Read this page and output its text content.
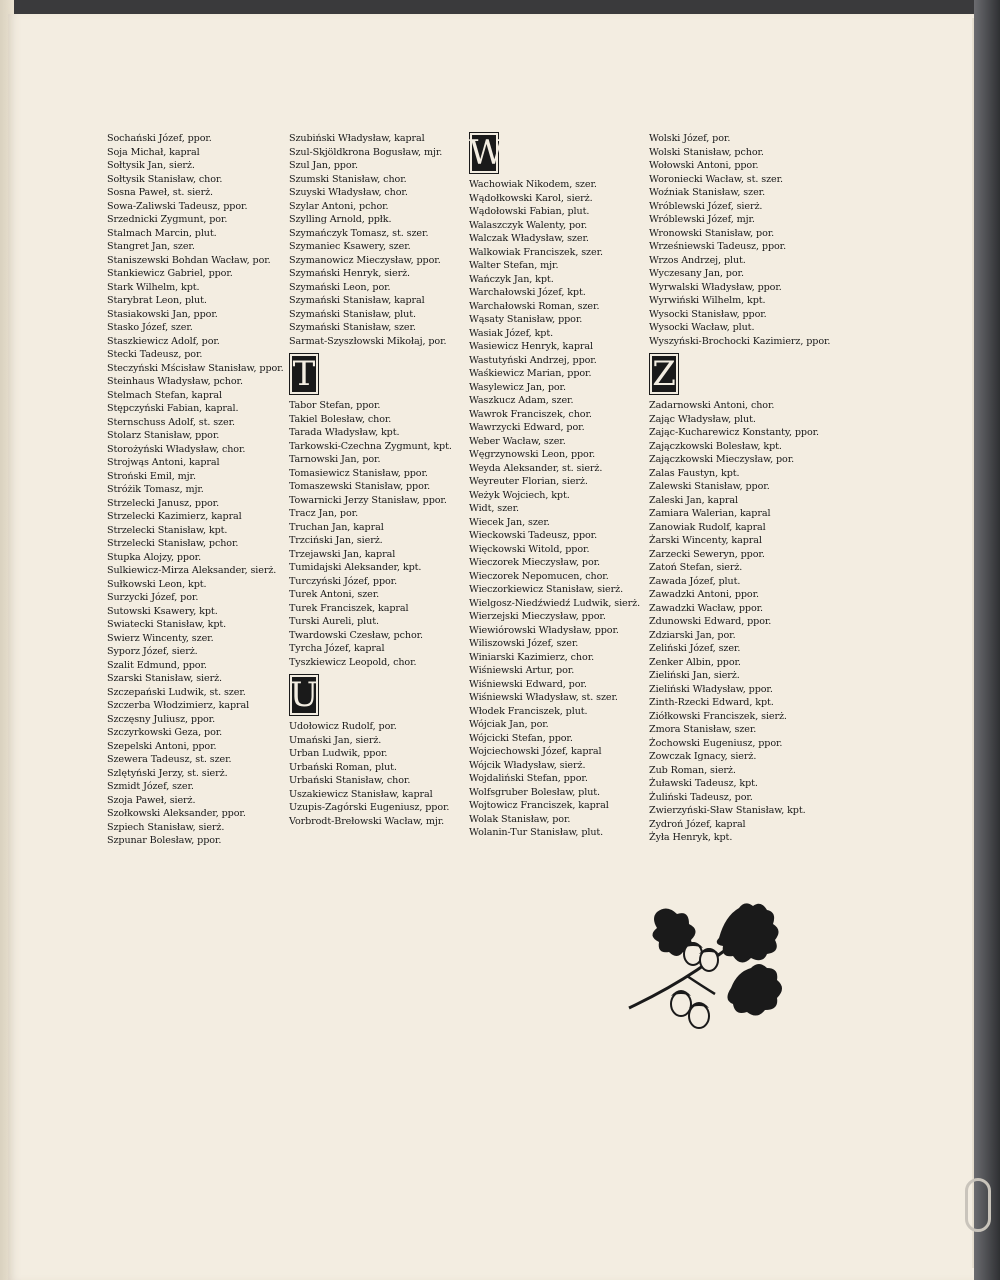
Sochański Józef, ppor.
Soja Michał, kapral
Sołtysik Jan, sierż.
Sołtysik Stanisław, chor.
Sosna Paweł, st. sierż.
Sowa-Zaliwski Tadeusz, ppor.
Srzednicki Zygmunt, por.
Stalmach Marcin, plut.
Stangret Jan, szer.
Staniszewski Bohdan Wacław, por.
Stankiewicz Gabriel, ppor.
Stark Wilhelm, kpt.
Starybrat Leon, plut.
Stasiakowski Jan, ppor.
Stasko Józef, szer.
Staszkiewicz Adolf, por.
Stecki Tadeusz, por.
Steczyński Mścisław Stanisław, ppor.
Steinhaus Władysław, pchor.
Stelmach Stefan, kapral
Stępczyński Fabian, kapral.
Sternschuss Adolf, st. szer.
Stolarz Stanisław, ppor.
Storożyński Władysław, chor.
Strojwąs Antoni, kapral
Stroński Emil, mjr.
Stróżik Tomasz, mjr.
Strzelecki Janusz, ppor.
Strzelecki Kazimierz, kapral
Strzelecki Stanisław, kpt.
Strzelecki Stanisław, pchor.
Stupka Alojzy, ppor.
Sulkiewicz-Mirza Aleksander, sierż.
Sułkowski Leon, kpt.
Surzycki Józef, por.
Sutowski Ksawery, kpt.
Swiatecki Stanisław, kpt.
Swierz Wincenty, szer.
Syporz Józef, sierż.
Szalit Edmund, ppor.
Szarski Stanisław, sierż.
Szczepański Ludwik, st. szer.
Szczerba Włodzimierz, kapral
Szczęsny Juliusz, ppor.
Szczyrkowski Geza, por.
Szepelski Antoni, ppor.
Szewera Tadeusz, st. szer.
Szlętyński Jerzy, st. sierż.
Szmidt Józef, szer.
Szoja Paweł, sierż.
Szołkowski Aleksander, ppor.
Szpiech Stanisław, sierż.
Szpunar Bolesław, ppor.
Szubiński Władysław, kapral
Szul-Skjöldkrona Bogusław, mjr.
Szul Jan, ppor.
Szumski Stanisław, chor.
Szuyski Władysław, chor.
Szylar Antoni, pchor.
Szylling Arnold, ppłk.
Szymańczyk Tomasz, st. szer.
Szymaniec Ksawery, szer.
Szymanowicz Mieczysław, ppor.
Szymański Henryk, sierż.
Szymański Leon, por.
Szymański Stanisław, kapral
Szymański Stanisław, plut.
Szymański Stanisław, szer.
Sarmat-Szyszłowski Mikołaj, por.
T
Tabor Stefan, ppor.
Takiel Bolesław, chor.
Tarada Władysław, kpt.
Tarkowski-Czechna Zygmunt, kpt.
Tarnowski Jan, por.
Tomasiewicz Stanisław, ppor.
Tomaszewski Stanisław, ppor.
Towarnicki Jerzy Stanisław, ppor.
Tracz Jan, por.
Truchan Jan, kapral
Trzciński Jan, sierż.
Trzejawski Jan, kapral
Tumidajski Aleksander, kpt.
Turczyński Józef, ppor.
Turek Antoni, szer.
Turek Franciszek, kapral
Turski Aureli, plut.
Twardowski Czesław, pchor.
Tyrcha Józef, kapral
Tyszkiewicz Leopold, chor.
U
Udołowicz Rudolf, por.
Umański Jan, sierż.
Urban Ludwik, ppor.
Urbański Roman, plut.
Urbański Stanisław, chor.
Uszakiewicz Stanisław, kapral
Uzupis-Zagórski Eugeniusz, ppor.
Vorbrodt-Brełowski Wacław, mjr.
W
Wachowiak Nikodem, szer.
Wądołkowski Karol, sierż.
Wądołowski Fabian, plut.
Walaszczyk Walenty, por.
Walczak Władysław, szer.
Walkowiak Franciszek, szer.
Walter Stefan, mjr.
Wańczyk Jan, kpt.
Warchałowski Józef, kpt.
Warchałowski Roman, szer.
Wąsaty Stanisław, ppor.
Wasiak Józef, kpt.
Wasiewicz Henryk, kapral
Wastutyński Andrzej, ppor.
Waśkiewicz Marian, ppor.
Wasylewicz Jan, por.
Waszkucz Adam, szer.
Wawrok Franciszek, chor.
Wawrzycki Edward, por.
Weber Wacław, szer.
Węgrzynowski Leon, ppor.
Weyda Aleksander, st. sierż.
Weyreuter Florian, sierż.
Weżyk Wojciech, kpt.
Widt, szer.
Wiecek Jan, szer.
Wieckowski Tadeusz, ppor.
Więckowski Witold, ppor.
Wieczorek Mieczysław, por.
Wieczorek Nepomucen, chor.
Wieczorkiewicz Stanisław, sierż.
Wielgosz-Niedźwiedź Ludwik, sierż.
Wierzejski Mieczysław, ppor.
Wiewiórowski Władysław, ppor.
Wiliszowski Józef, szer.
Winiarski Kazimierz, chor.
Wiśniewski Artur, por.
Wiśniewski Edward, por.
Wiśniewski Władysław, st. szer.
Włodek Franciszek, plut.
Wójciak Jan, por.
Wójcicki Stefan, ppor.
Wojciechowski Józef, kapral
Wójcik Władysław, sierż.
Wojdaliński Stefan, ppor.
Wolfsgruber Bolesław, plut.
Wojtowicz Franciszek, kapral
Wolak Stanisław, por.
Wolanin-Tur Stanisław, plut.
Wolski Józef, por.
Wolski Stanisław, pchor.
Wołowski Antoni, ppor.
Woroniecki Wacław, st. szer.
Woźniak Stanisław, szer.
Wróblewski Józef, sierż.
Wróblewski Józef, mjr.
Wronowski Stanisław, por.
Wrześniewski Tadeusz, ppor.
Wrzos Andrzej, plut.
Wyczesany Jan, por.
Wyrwalski Władysław, ppor.
Wyrwiński Wilhelm, kpt.
Wysocki Stanisław, ppor.
Wysocki Wacław, plut.
Wyszyński-Brochocki Kazimierz, ppor.
Z
Zadarnowski Antoni, chor.
Zając Władysław, plut.
Zając-Kucharewicz Konstanty, ppor.
Zajączkowski Bolesław, kpt.
Zajączkowski Mieczysław, por.
Zalas Faustyn, kpt.
Zalewski Stanisław, ppor.
Zaleski Jan, kapral
Zamiara Walerian, kapral
Zanowiak Rudolf, kapral
Żarski Wincenty, kapral
Zarzecki Seweryn, ppor.
Zatoń Stefan, sierż.
Zawada Józef, plut.
Zawadzki Antoni, ppor.
Zawadzki Wacław, ppor.
Zdunowski Edward, ppor.
Zdziarski Jan, por.
Zeliński Józef, szer.
Zenker Albin, ppor.
Zieliński Jan, sierż.
Zieliński Władysław, ppor.
Zinth-Rzecki Edward, kpt.
Ziółkowski Franciszek, sierż.
Zmora Stanisław, szer.
Żochowski Eugeniusz, ppor.
Zowczak Ignacy, sierż.
Zub Roman, sierż.
Żuławski Tadeusz, kpt.
Żuliński Tadeusz, por.
Zwierzyński-Sław Stanisław, kpt.
Zydroń Józef, kapral
Żyła Henryk, kpt.
